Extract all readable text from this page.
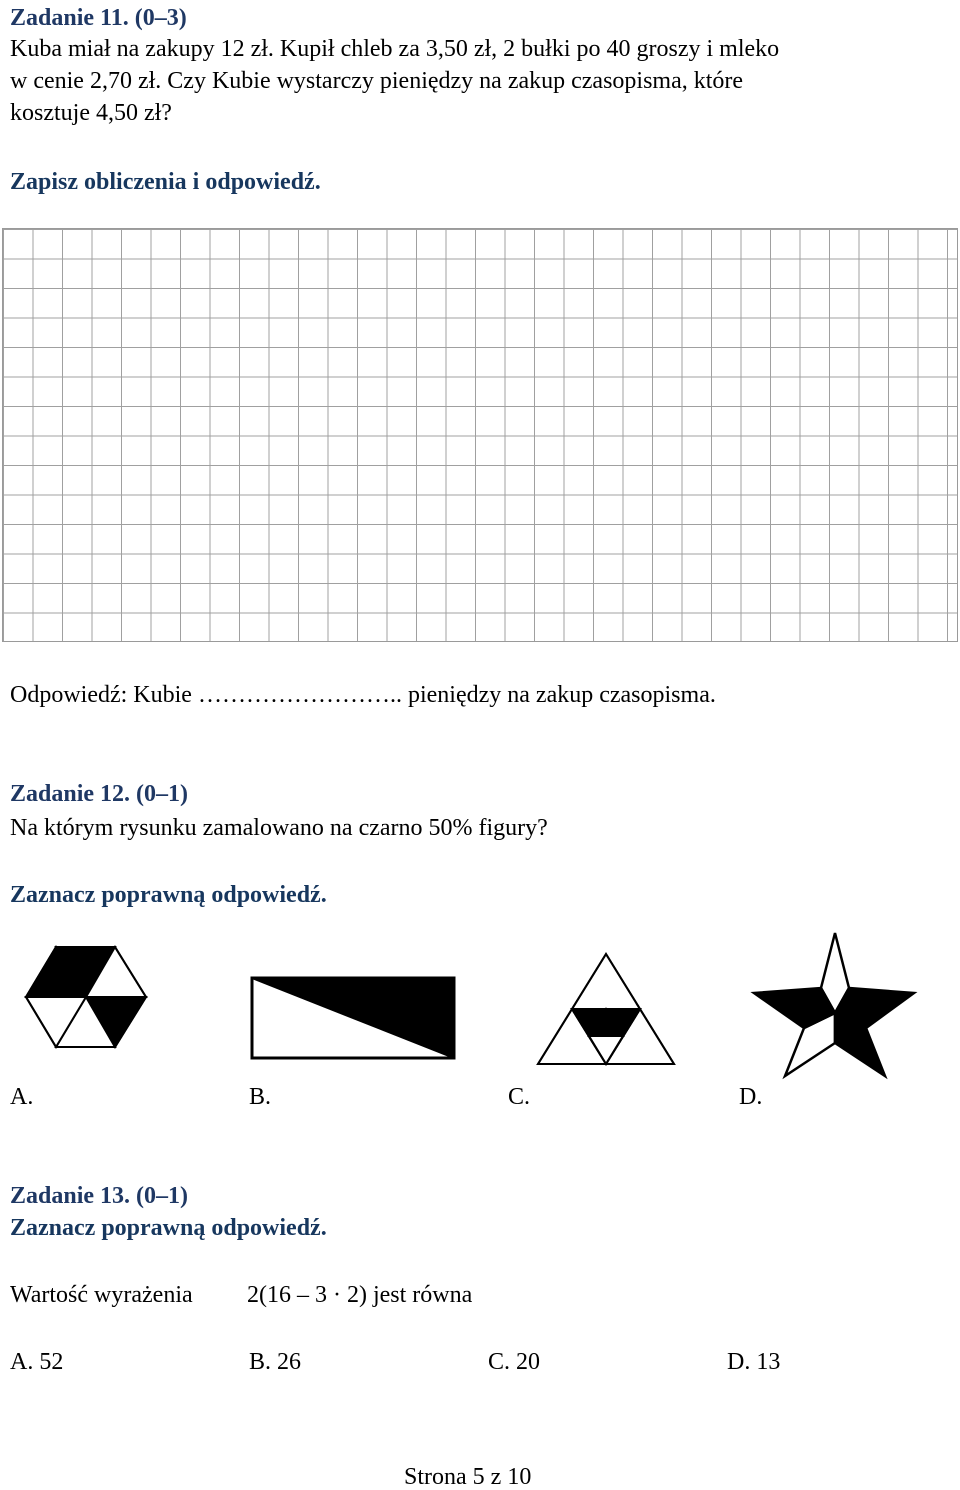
Zadanie 11. (0–3)
Kuba miał na zakupy 12 zł. Kupił chleb za 3,50 zł, 2 bułki po 40 groszy i mleko
w cenie 2,70 zł. Czy Kubie wystarczy pieniędzy na zakup czasopisma, które
kosztuje 4,50 zł?
Zapisz obliczenia i odpowiedź.
Odpowiedź: Kubie …………………….. pieniędzy na zakup czasopisma.
Zadanie 12. (0–1)
Na którym rysunku zamalowano na czarno 50% figury?
Zaznacz poprawną odpowiedź.
A.	B.	C.	D.
Zadanie 13. (0–1)
Zaznacz poprawną odpowiedź.
Wartość wyrażenia 2(16 – 3 · 2) jest równa
A. 52	B. 26	C. 20	D. 13
Strona 5 z 10
